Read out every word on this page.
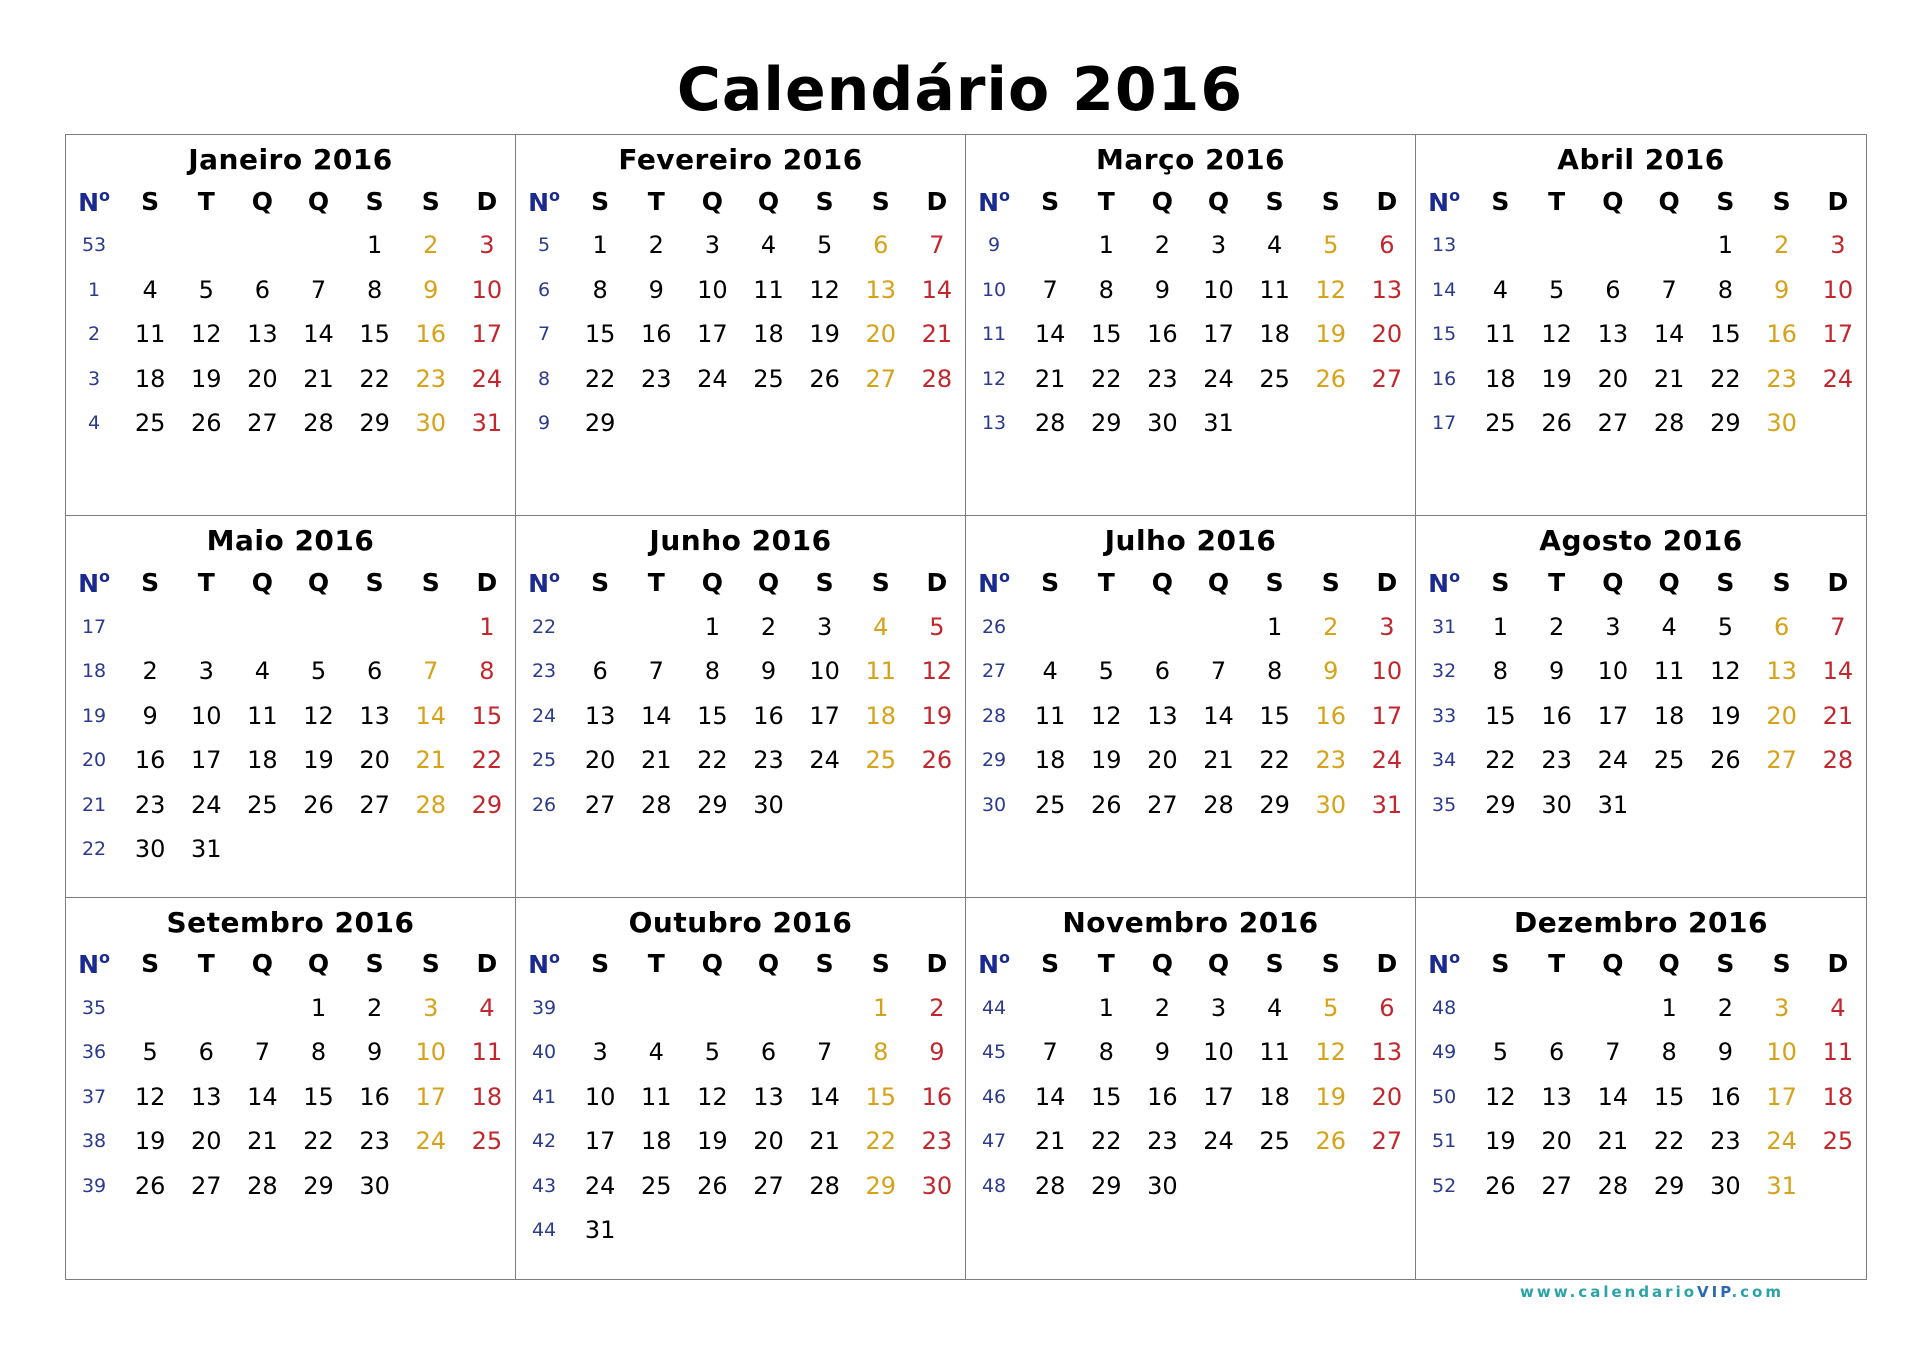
Calendário 2016
Janeiro 2016
$N^o$	S	T	Q	Q	S	S	D
53					1	2	3
1	4	5	6	7	8	9	10
2	11	12	13	14	15	16	17
3	18	19	20	21	22	23	24
4	25	26	27	28	29	30	31
Fevereiro 2016
$N^o$	S	T	Q	Q	S	S	D
5	1	2	3	4	5	6	7
6	8	9	10	11	12	13	14
7	15	16	17	18	19	20	21
8	22	23	24	25	26	27	28
9	29						
Março 2016
$N^o$	S	T	Q	Q	S	S	D
9		1	2	3	4	5	6
10	7	8	9	10	11	12	13
11	14	15	16	17	18	19	20
12	21	22	23	24	25	26	27
13	28	29	30	31			
Abril 2016
$N^o$	S	T	Q	Q	S	S	D
13					1	2	3
14	4	5	6	7	8	9	10
15	11	12	13	14	15	16	17
16	18	19	20	21	22	23	24
17	25	26	27	28	29	30	
Maio 2016
$N^o$	S	T	Q	Q	S	S	D
17							1
18	2	3	4	5	6	7	8
19	9	10	11	12	13	14	15
20	16	17	18	19	20	21	22
21	23	24	25	26	27	28	29
22	30	31					
Junho 2016
$N^o$	S	T	Q	Q	S	S	D
22			1	2	3	4	5
23	6	7	8	9	10	11	12
24	13	14	15	16	17	18	19
25	20	21	22	23	24	25	26
26	27	28	29	30			
Julho 2016
$N^o$	S	T	Q	Q	S	S	D
26					1	2	3
27	4	5	6	7	8	9	10
28	11	12	13	14	15	16	17
29	18	19	20	21	22	23	24
30	25	26	27	28	29	30	31
Agosto 2016
$N^o$	S	T	Q	Q	S	S	D
31	1	2	3	4	5	6	7
32	8	9	10	11	12	13	14
33	15	16	17	18	19	20	21
34	22	23	24	25	26	27	28
35	29	30	31				
Setembro 2016
$N^o$	S	T	Q	Q	S	S	D
35				1	2	3	4
36	5	6	7	8	9	10	11
37	12	13	14	15	16	17	18
38	19	20	21	22	23	24	25
39	26	27	28	29	30		
Outubro 2016
$N^o$	S	T	Q	Q	S	S	D
39						1	2
40	3	4	5	6	7	8	9
41	10	11	12	13	14	15	16
42	17	18	19	20	21	22	23
43	24	25	26	27	28	29	30
44	31						
Novembro 2016
$N^o$	S	T	Q	Q	S	S	D
44		1	2	3	4	5	6
45	7	8	9	10	11	12	13
46	14	15	16	17	18	19	20
47	21	22	23	24	25	26	27
48	28	29	30				
Dezembro 2016
$N^o$	S	T	Q	Q	S	S	D
48				1	2	3	4
49	5	6	7	8	9	10	11
50	12	13	14	15	16	17	18
51	19	20	21	22	23	24	25
52	26	27	28	29	30	31	
www.calendarioVIP.com
